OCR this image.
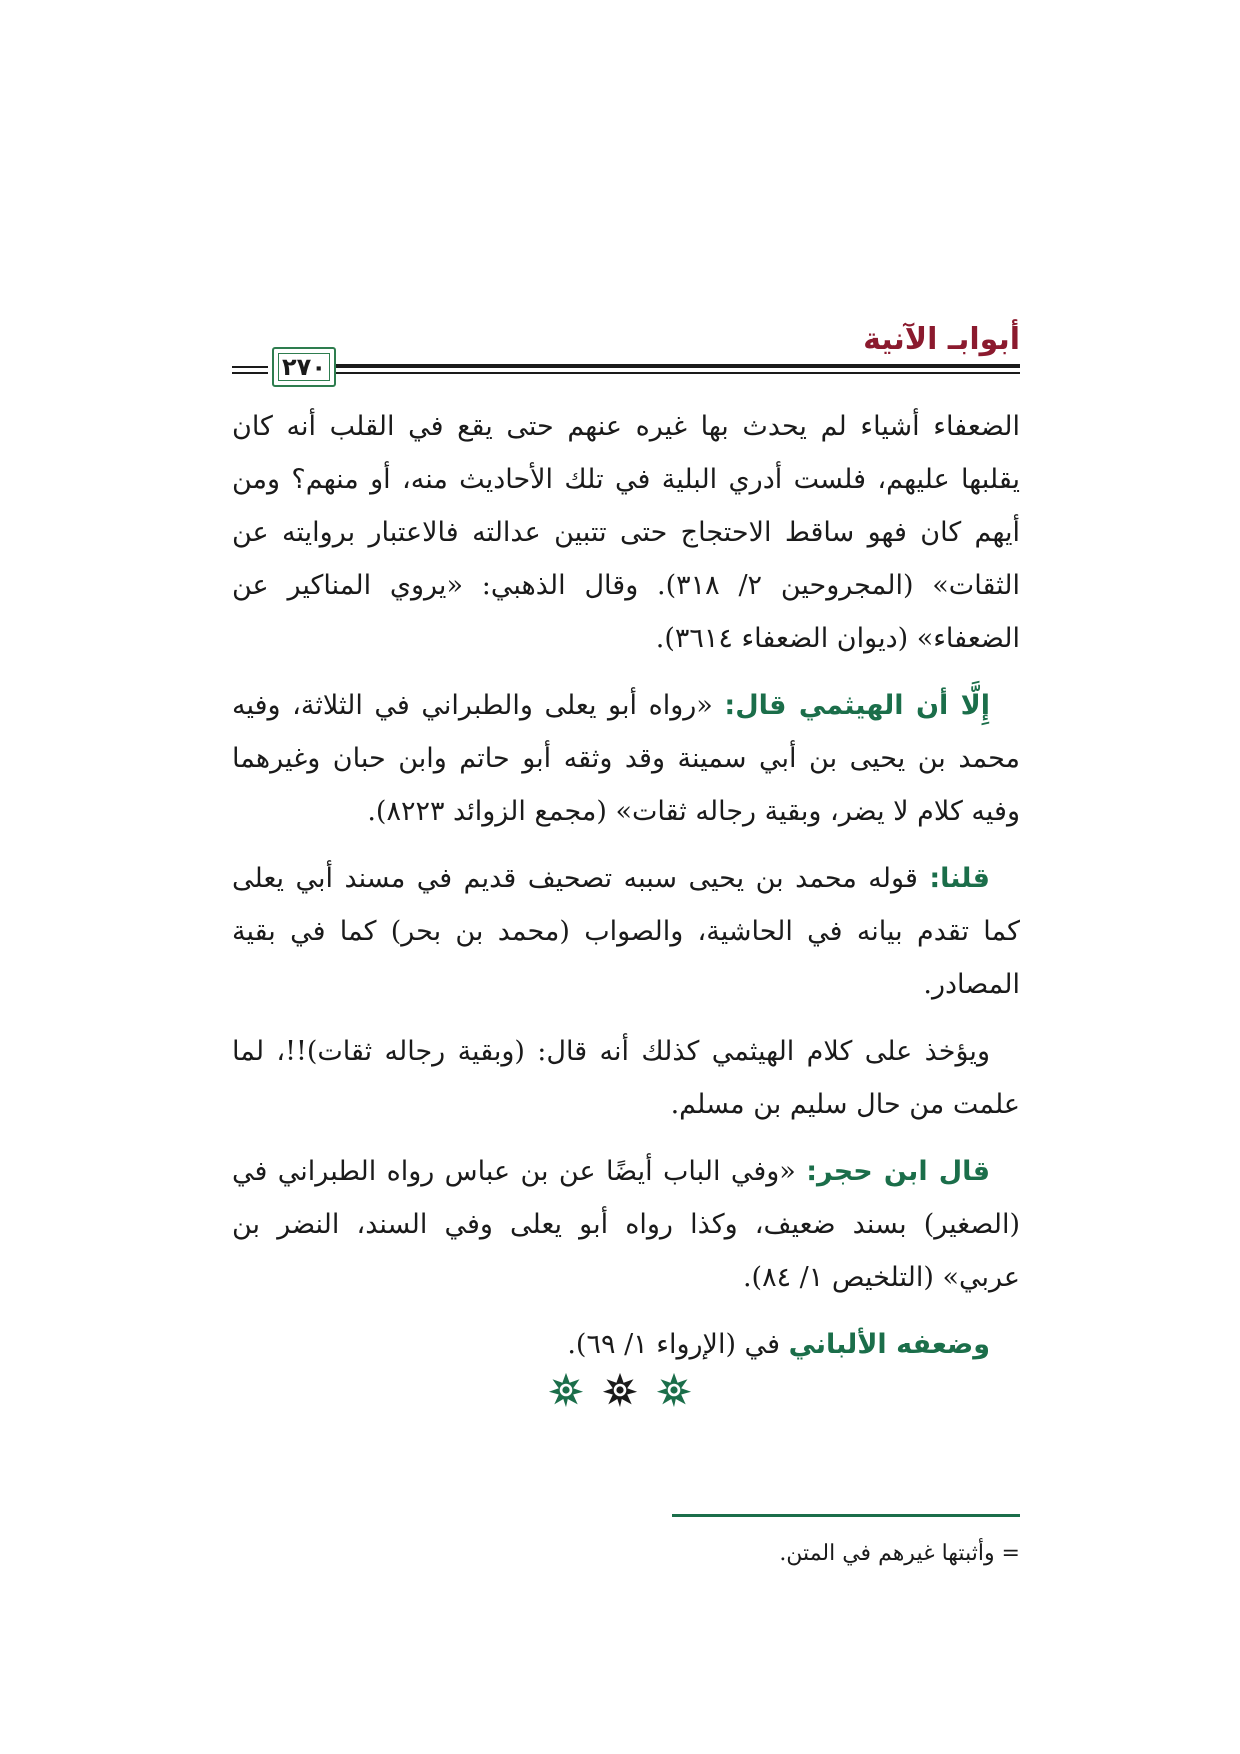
أبوابـ الآنية
٢٧٠

الضعفاء أشياء لم يحدث بها غيره عنهم حتى يقع في القلب أنه كان يقلبها عليهم، فلست أدري البلية في تلك الأحاديث منه، أو منهم؟ ومن أيهم كان فهو ساقط الاحتجاج حتى تتبين عدالته فالاعتبار بروايته عن الثقات» (المجروحين ٢/ ٣١٨). وقال الذهبي: «يروي المناكير عن الضعفاء» (ديوان الضعفاء ٣٦١٤).

إِلَّا أن الهيثمي قال: «رواه أبو يعلى والطبراني في الثلاثة، وفيه محمد بن يحيى بن أبي سمينة وقد وثقه أبو حاتم وابن حبان وغيرهما وفيه كلام لا يضر، وبقية رجاله ثقات» (مجمع الزوائد ٨٢٢٣).

قلنا: قوله محمد بن يحيى سببه تصحيف قديم في مسند أبي يعلى كما تقدم بيانه في الحاشية، والصواب (محمد بن بحر) كما في بقية المصادر.

ويؤخذ على كلام الهيثمي كذلك أنه قال: (وبقية رجاله ثقات)!!، لما علمت من حال سليم بن مسلم.

قال ابن حجر: «وفي الباب أيضًا عن بن عباس رواه الطبراني في (الصغير) بسند ضعيف، وكذا رواه أبو يعلى وفي السند، النضر بن عربي» (التلخيص ١/ ٨٤).

وضعفه الألباني في (الإرواء ١/ ٦٩).

= وأثبتها غيرهم في المتن.
